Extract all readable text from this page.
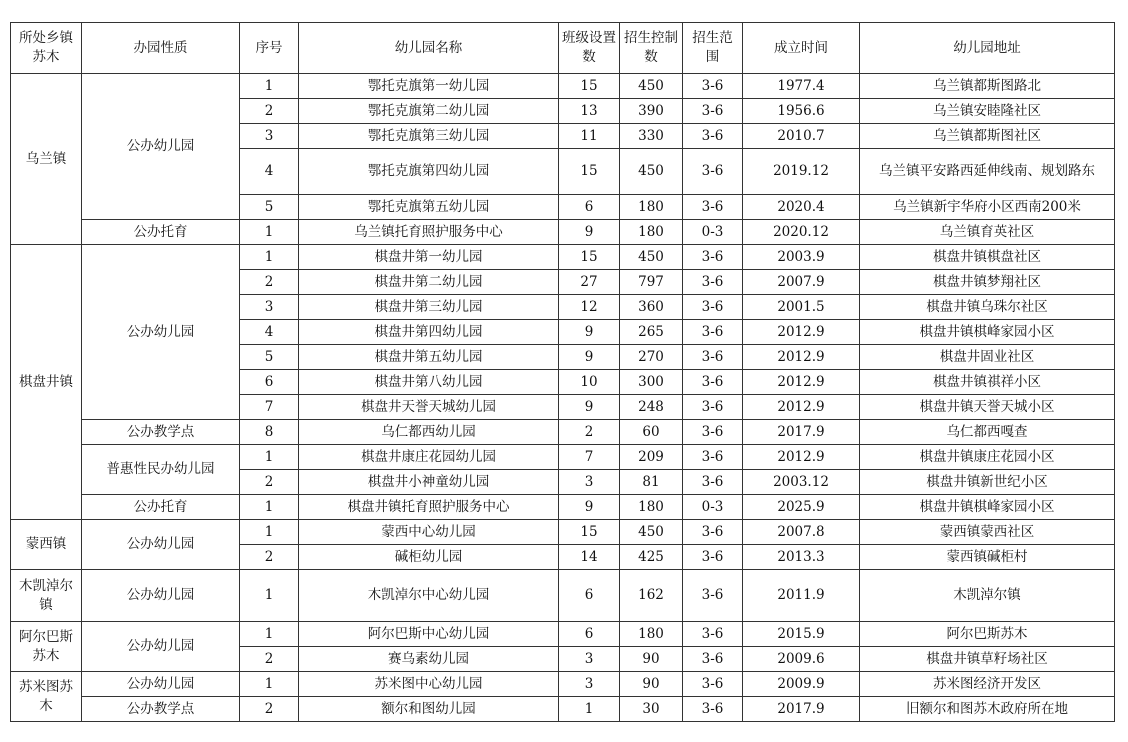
所处乡镇苏木	办园性质	序号	幼儿园名称	班级设置数	招生控制数	招生范围	成立时间	幼儿园地址
乌兰镇	公办幼儿园	1	鄂托克旗第一幼儿园	15	450	3-6	1977.4	乌兰镇都斯图路北
		2	鄂托克旗第二幼儿园	13	390	3-6	1956.6	乌兰镇安睦隆社区
		3	鄂托克旗第三幼儿园	11	330	3-6	2010.7	乌兰镇都斯图社区
		4	鄂托克旗第四幼儿园	15	450	3-6	2019.12	乌兰镇平安路西延伸线南、规划路东
		5	鄂托克旗第五幼儿园	6	180	3-6	2020.4	乌兰镇新宇华府小区西南200米
	公办托育	1	乌兰镇托育照护服务中心	9	180	0-3	2020.12	乌兰镇育英社区
棋盘井镇	公办幼儿园	1	棋盘井第一幼儿园	15	450	3-6	2003.9	棋盘井镇棋盘社区
		2	棋盘井第二幼儿园	27	797	3-6	2007.9	棋盘井镇梦翔社区
		3	棋盘井第三幼儿园	12	360	3-6	2001.5	棋盘井镇乌珠尔社区
		4	棋盘井第四幼儿园	9	265	3-6	2012.9	棋盘井镇棋峰家园小区
		5	棋盘井第五幼儿园	9	270	3-6	2012.9	棋盘井固业社区
		6	棋盘井第八幼儿园	10	300	3-6	2012.9	棋盘井镇祺祥小区
		7	棋盘井天誉天城幼儿园	9	248	3-6	2012.9	棋盘井镇天誉天城小区
	公办教学点	8	乌仁都西幼儿园	2	60	3-6	2017.9	乌仁都西嘎查
	普惠性民办幼儿园	1	棋盘井康庄花园幼儿园	7	209	3-6	2012.9	棋盘井镇康庄花园小区
		2	棋盘井小神童幼儿园	3	81	3-6	2003.12	棋盘井镇新世纪小区
	公办托育	1	棋盘井镇托育照护服务中心	9	180	0-3	2025.9	棋盘井镇棋峰家园小区
蒙西镇	公办幼儿园	1	蒙西中心幼儿园	15	450	3-6	2007.8	蒙西镇蒙西社区
		2	碱柜幼儿园	14	425	3-6	2013.3	蒙西镇碱柜村
木凯淖尔镇	公办幼儿园	1	木凯淖尔中心幼儿园	6	162	3-6	2011.9	木凯淖尔镇
阿尔巴斯苏木	公办幼儿园	1	阿尔巴斯中心幼儿园	6	180	3-6	2015.9	阿尔巴斯苏木
		2	赛乌素幼儿园	3	90	3-6	2009.6	棋盘井镇草籽场社区
苏米图苏木	公办幼儿园	1	苏米图中心幼儿园	3	90	3-6	2009.9	苏米图经济开发区
	公办教学点	2	额尔和图幼儿园	1	30	3-6	2017.9	旧额尔和图苏木政府所在地
